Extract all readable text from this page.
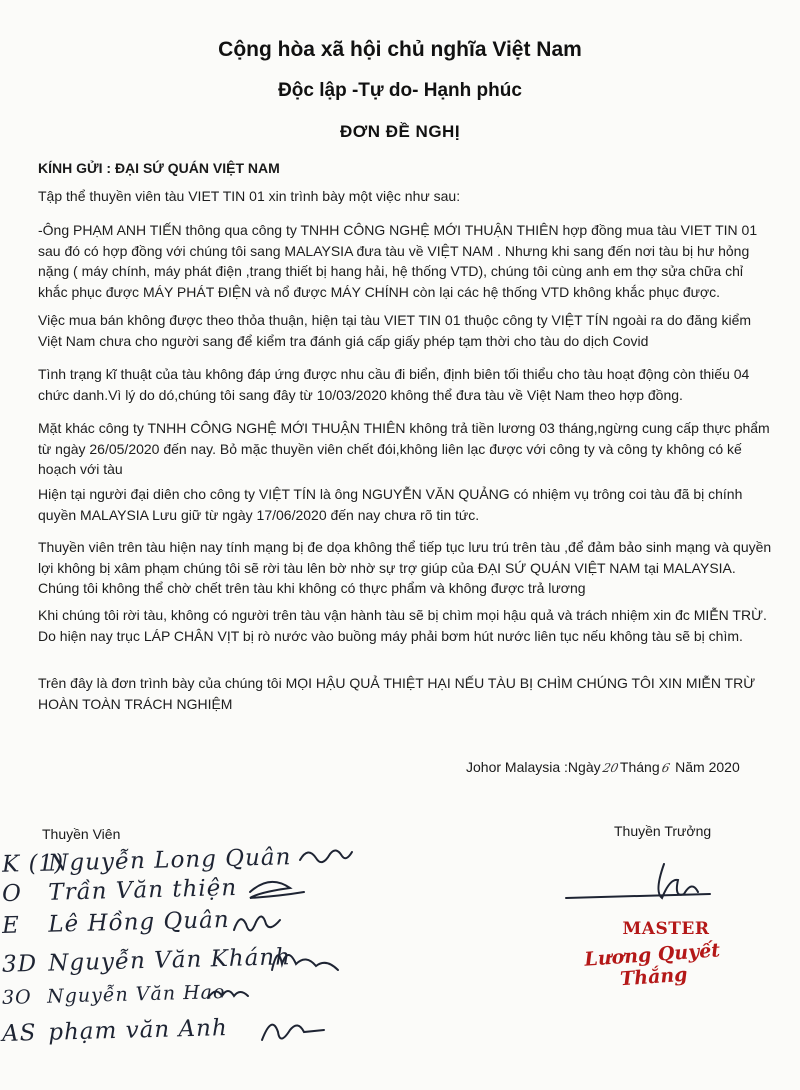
Cộng hòa xã hội chủ nghĩa Việt Nam
Độc lập -Tự do- Hạnh phúc
ĐƠN ĐỀ NGHỊ
KÍNH GỬI : ĐẠI SỨ QUÁN VIỆT NAM
Tập thể thuyền viên tàu VIET TIN 01 xin trình bày một việc như sau:
-Ông PHẠM ANH TIẾN thông qua công ty TNHH CÔNG NGHỆ MỚI THUẬN THIÊN hợp đồng mua tàu VIET TIN 01 sau đó có hợp đồng với chúng tôi sang MALAYSIA đưa tàu về VIỆT NAM . Nhưng khi sang đến nơi tàu bị hư hỏng nặng ( máy chính, máy phát điện ,trang thiết bị hang hải, hệ thống VTD), chúng tôi cùng anh em thợ sửa chữa chỉ khắc phục được MÁY PHÁT ĐIỆN và nổ được MÁY CHÍNH còn lại các hệ thống VTD không khắc phục được.
Việc mua bán không được theo thỏa thuận, hiện tại tàu VIET TIN 01 thuộc công ty VIỆT TÍN ngoài ra do đăng kiểm Việt Nam chưa cho người sang để kiểm tra đánh giá cấp giấy phép tạm thời cho tàu do dịch Covid
Tình trạng kĩ thuật của tàu không đáp ứng được nhu cầu đi biển, định biên tối thiểu cho tàu hoạt động còn thiếu 04 chức danh.Vì lý do dó,chúng tôi sang đây từ 10/03/2020 không thể đưa tàu về Việt Nam theo hợp đồng.
Mặt khác công ty TNHH CÔNG NGHỆ MỚI THUẬN THIÊN không trả tiền lương 03 tháng,ngừng cung cấp thực phẩm từ ngày 26/05/2020 đến nay. Bỏ mặc thuyền viên chết đói,không liên lạc được với công ty và công ty không có kế hoạch với tàu
Hiện tại người đại diên cho công ty VIỆT TÍN là ông NGUYỄN VĂN QUẢNG có nhiệm vụ trông coi tàu đã bị chính quyền MALAYSIA Lưu giữ từ ngày 17/06/2020 đến nay chưa rõ tin tức.
Thuyền viên trên tàu hiện nay tính mạng bị đe dọa không thể tiếp tục lưu trú trên tàu ,để đảm bảo sinh mạng và quyền lợi không bị xâm phạm chúng tôi sẽ rời tàu lên bờ nhờ sự trợ giúp của ĐẠI SỨ QUÁN VIỆT NAM tại MALAYSIA. Chúng tôi không thể chờ chết trên tàu khi không có thực phẩm và không được trả lương
Khi chúng tôi rời tàu, không có người trên tàu vận hành tàu sẽ bị chìm mọi hậu quả và trách nhiệm xin đc MIỄN TRỪ. Do hiện nay trục LÁP CHÂN VỊT bị rò nước vào buồng máy phải bơm hút nước liên tục nếu không tàu sẽ bị chìm.
Trên đây là đơn trình bày của chúng tôi MỌI HẬU QUẢ THIỆT HẠI NẾU TÀU BỊ CHÌM CHÚNG TÔI XIN MIỄN TRỪ HOÀN TOÀN TRÁCH NGHIỆM
Johor Malaysia :Ngày20Tháng6 Năm 2020
Thuyền Viên	Thuyền Trưởng
K (1) Nguyễn Long Quân
O Trần Văn thiện
E Lê Hồng Quân
3D Nguyễn Văn Khánh
3O Nguyễn Văn Hao
AS phạm văn Anh
MASTER
Lương Quyết Thắng
